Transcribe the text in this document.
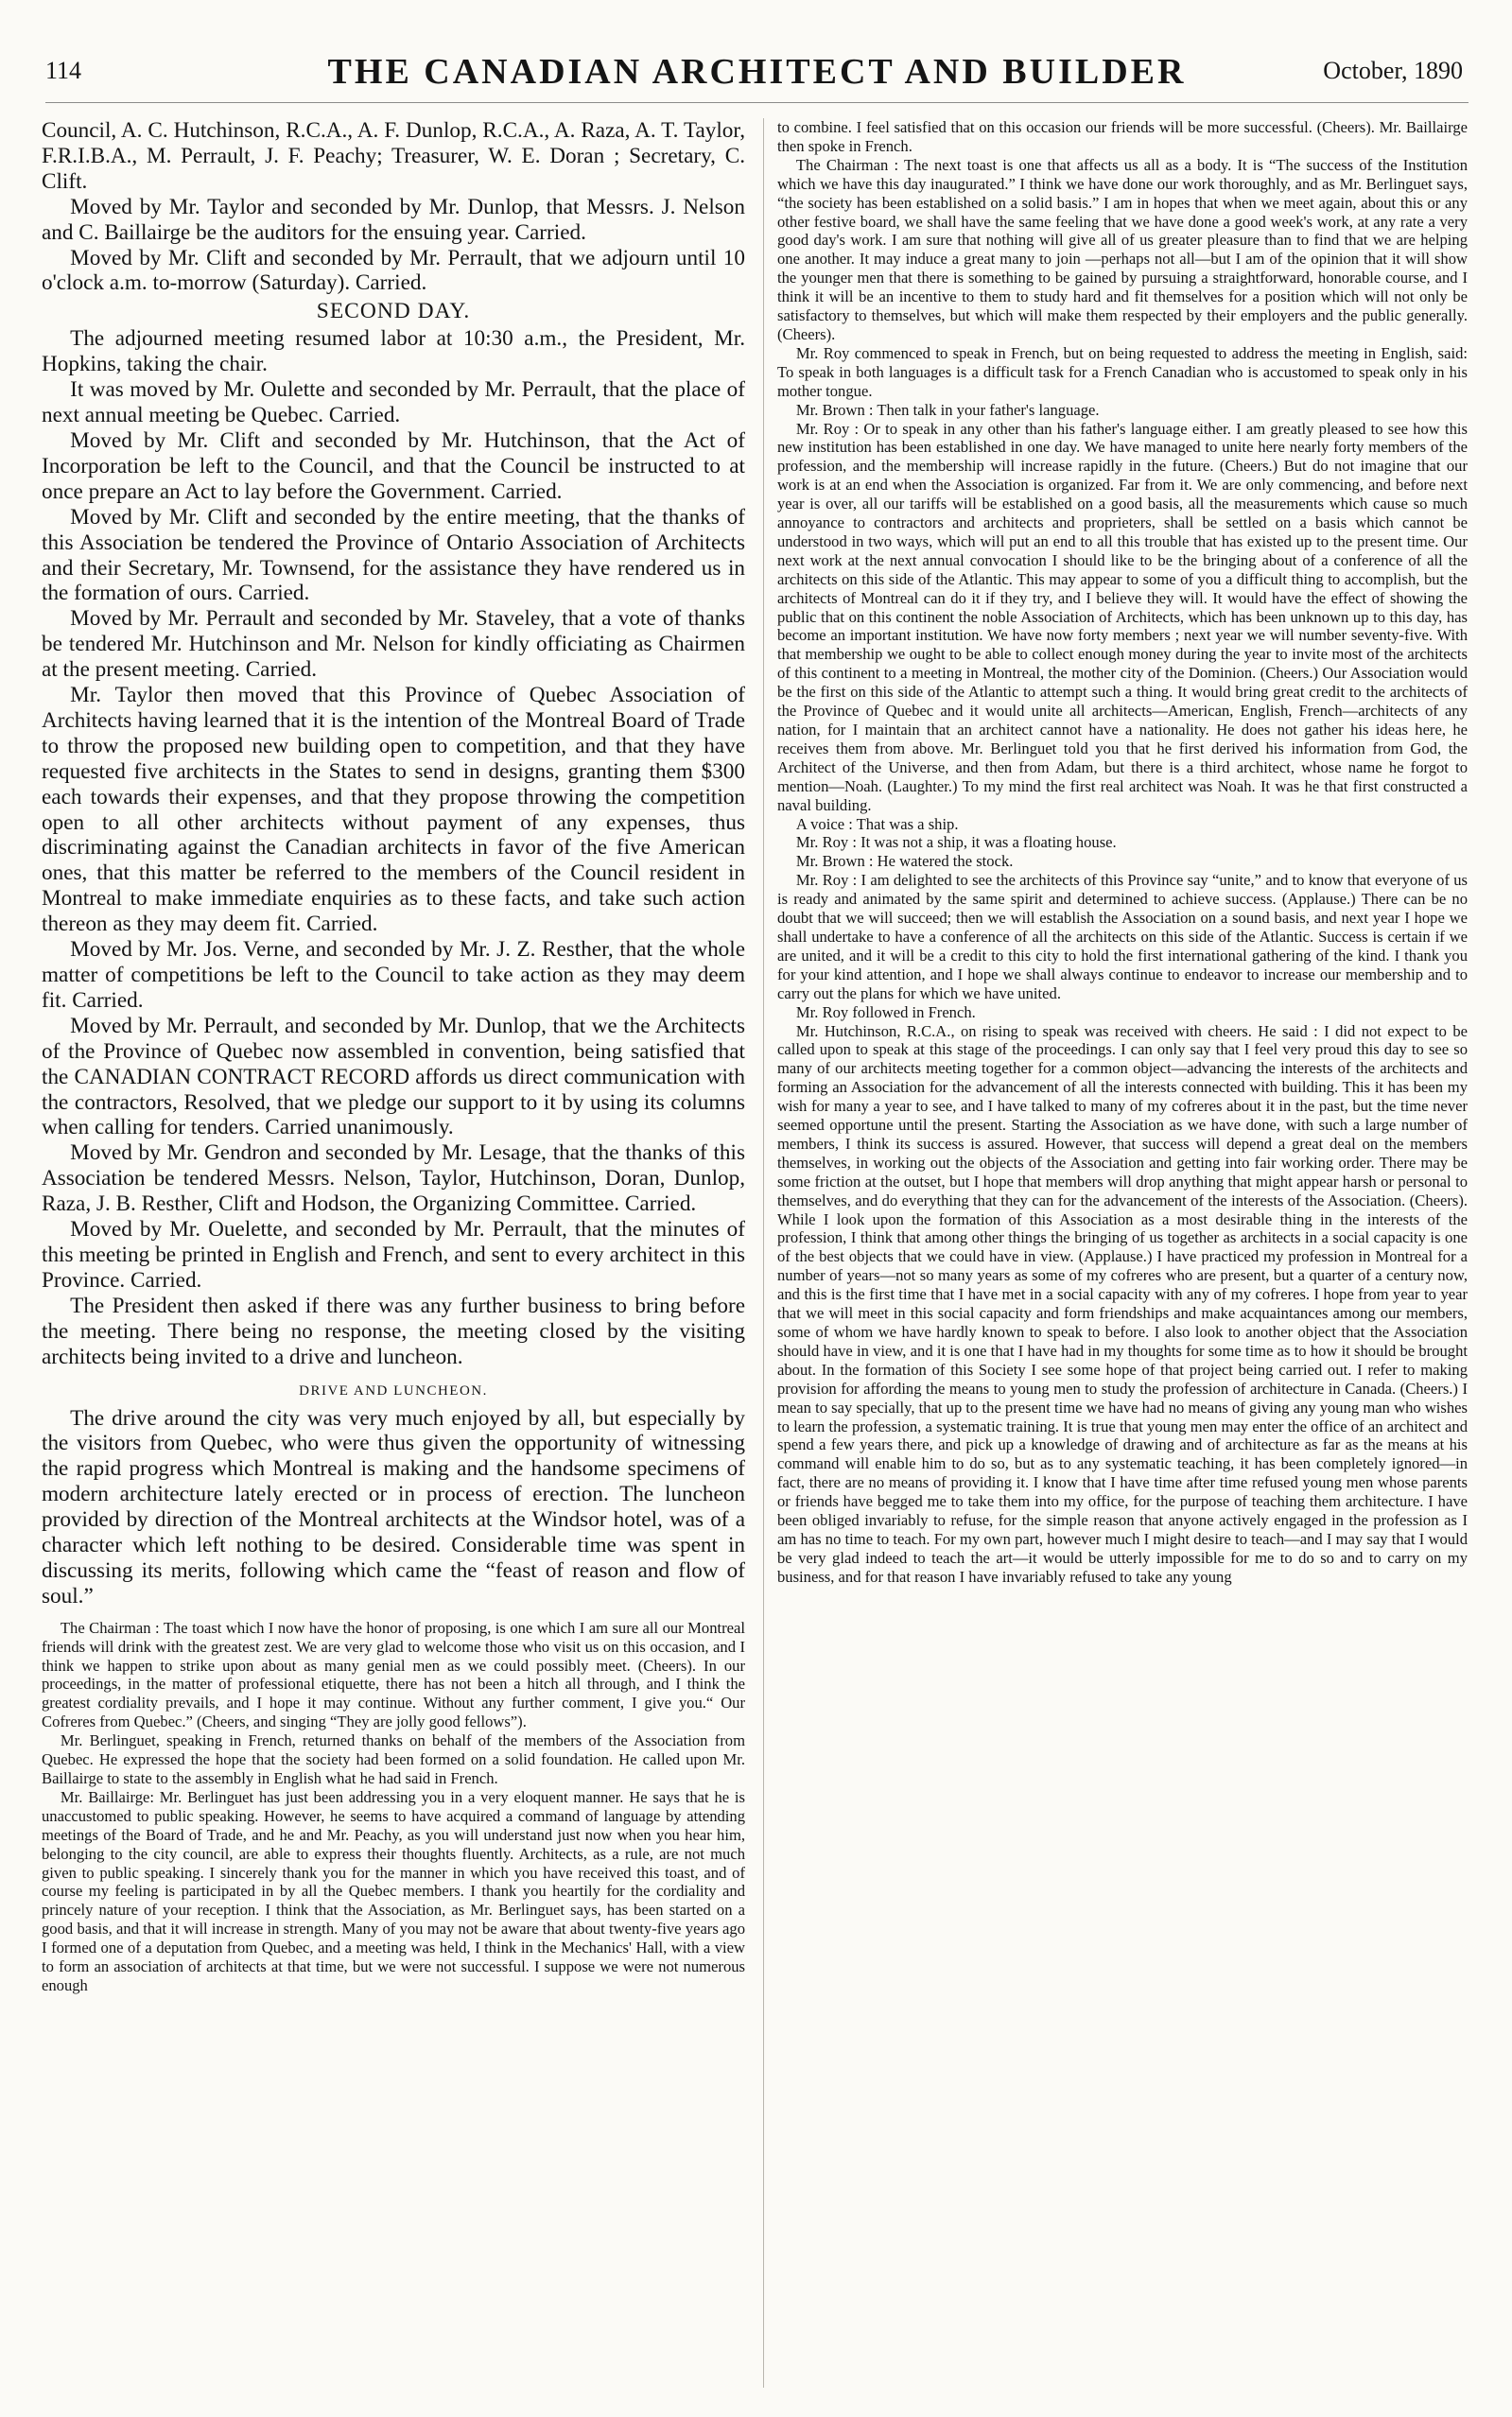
114	THE CANADIAN ARCHITECT AND BUILDER	October, 1890

Council, A. C. Hutchinson, R.C.A., A. F. Dunlop, R.C.A., A. Raza, A. T. Taylor, F.R.I.B.A., M. Perrault, J. F. Peachy; Treasurer, W. E. Doran ; Secretary, C. Clift.

Moved by Mr. Taylor and seconded by Mr. Dunlop, that Messrs. J. Nelson and C. Baillairge be the auditors for the ensuing year. Carried.

Moved by Mr. Clift and seconded by Mr. Perrault, that we adjourn until 10 o'clock a.m. to-morrow (Saturday). Carried.

SECOND DAY.

The adjourned meeting resumed labor at 10:30 a.m., the President, Mr. Hopkins, taking the chair.

It was moved by Mr. Oulette and seconded by Mr. Perrault, that the place of next annual meeting be Quebec. Carried.

Moved by Mr. Clift and seconded by Mr. Hutchinson, that the Act of Incorporation be left to the Council, and that the Council be instructed to at once prepare an Act to lay before the Government. Carried.

Moved by Mr. Clift and seconded by the entire meeting, that the thanks of this Association be tendered the Province of Ontario Association of Architects and their Secretary, Mr. Townsend, for the assistance they have rendered us in the formation of ours. Carried.

Moved by Mr. Perrault and seconded by Mr. Staveley, that a vote of thanks be tendered Mr. Hutchinson and Mr. Nelson for kindly officiating as Chairmen at the present meeting. Carried.

Mr. Taylor then moved that this Province of Quebec Association of Architects having learned that it is the intention of the Montreal Board of Trade to throw the proposed new building open to competition, and that they have requested five architects in the States to send in designs, granting them $300 each towards their expenses, and that they propose throwing the competition open to all other architects without payment of any expenses, thus discriminating against the Canadian architects in favor of the five American ones, that this matter be referred to the members of the Council resident in Montreal to make immediate enquiries as to these facts, and take such action thereon as they may deem fit. Carried.

Moved by Mr. Jos. Verne, and seconded by Mr. J. Z. Resther, that the whole matter of competitions be left to the Council to take action as they may deem fit. Carried.

Moved by Mr. Perrault, and seconded by Mr. Dunlop, that we the Architects of the Province of Quebec now assembled in convention, being satisfied that the CANADIAN CONTRACT RECORD affords us direct communication with the contractors, Resolved, that we pledge our support to it by using its columns when calling for tenders. Carried unanimously.

Moved by Mr. Gendron and seconded by Mr. Lesage, that the thanks of this Association be tendered Messrs. Nelson, Taylor, Hutchinson, Doran, Dunlop, Raza, J. B. Resther, Clift and Hodson, the Organizing Committee. Carried.

Moved by Mr. Ouelette, and seconded by Mr. Perrault, that the minutes of this meeting be printed in English and French, and sent to every architect in this Province. Carried.

The President then asked if there was any further business to bring before the meeting. There being no response, the meeting closed by the visiting architects being invited to a drive and luncheon.

DRIVE AND LUNCHEON.

The drive around the city was very much enjoyed by all, but especially by the visitors from Quebec, who were thus given the opportunity of witnessing the rapid progress which Montreal is making and the handsome specimens of modern architecture lately erected or in process of erection. The luncheon provided by direction of the Montreal architects at the Windsor hotel, was of a character which left nothing to be desired. Considerable time was spent in discussing its merits, following which came the “feast of reason and flow of soul.”

The Chairman : The toast which I now have the honor of proposing, is one which I am sure all our Montreal friends will drink with the greatest zest. We are very glad to welcome those who visit us on this occasion, and I think we happen to strike upon about as many genial men as we could possibly meet. (Cheers). In our proceedings, in the matter of professional etiquette, there has not been a hitch all through, and I think the greatest cordiality prevails, and I hope it may continue. Without any further comment, I give you.“ Our Cofreres from Quebec.” (Cheers, and singing “They are jolly good fellows”).

Mr. Berlinguet, speaking in French, returned thanks on behalf of the members of the Association from Quebec. He expressed the hope that the society had been formed on a solid foundation. He called upon Mr. Baillairge to state to the assembly in English what he had said in French.

Mr. Baillairge: Mr. Berlinguet has just been addressing you in a very eloquent manner. He says that he is unaccustomed to public speaking. However, he seems to have acquired a command of language by attending meetings of the Board of Trade, and he and Mr. Peachy, as you will understand just now when you hear him, belonging to the city council, are able to express their thoughts fluently. Architects, as a rule, are not much given to public speaking. I sincerely thank you for the manner in which you have received this toast, and of course my feeling is participated in by all the Quebec members. I thank you heartily for the cordiality and princely nature of your reception. I think that the Association, as Mr. Berlinguet says, has been started on a good basis, and that it will increase in strength. Many of you may not be aware that about twenty-five years ago I formed one of a deputation from Quebec, and a meeting was held, I think in the Mechanics' Hall, with a view to form an association of architects at that time, but we were not successful. I suppose we were not numerous enough

to combine. I feel satisfied that on this occasion our friends will be more successful. (Cheers). Mr. Baillairge then spoke in French.

The Chairman : The next toast is one that affects us all as a body. It is “The success of the Institution which we have this day inaugurated.” I think we have done our work thoroughly, and as Mr. Berlinguet says, “the society has been established on a solid basis.” I am in hopes that when we meet again, about this or any other festive board, we shall have the same feeling that we have done a good week's work, at any rate a very good day's work. I am sure that nothing will give all of us greater pleasure than to find that we are helping one another. It may induce a great many to join —perhaps not all—but I am of the opinion that it will show the younger men that there is something to be gained by pursuing a straightforward, honorable course, and I think it will be an incentive to them to study hard and fit themselves for a position which will not only be satisfactory to themselves, but which will make them respected by their employers and the public generally. (Cheers).

Mr. Roy commenced to speak in French, but on being requested to address the meeting in English, said: To speak in both languages is a difficult task for a French Canadian who is accustomed to speak only in his mother tongue.

Mr. Brown : Then talk in your father's language.

Mr. Roy : Or to speak in any other than his father's language either. I am greatly pleased to see how this new institution has been established in one day. We have managed to unite here nearly forty members of the profession, and the membership will increase rapidly in the future. (Cheers.) But do not imagine that our work is at an end when the Association is organized. Far from it. We are only commencing, and before next year is over, all our tariffs will be established on a good basis, all the measurements which cause so much annoyance to contractors and architects and proprieters, shall be settled on a basis which cannot be understood in two ways, which will put an end to all this trouble that has existed up to the present time. Our next work at the next annual convocation I should like to be the bringing about of a conference of all the architects on this side of the Atlantic. This may appear to some of you a difficult thing to accomplish, but the architects of Montreal can do it if they try, and I believe they will. It would have the effect of showing the public that on this continent the noble Association of Architects, which has been unknown up to this day, has become an important institution. We have now forty members ; next year we will number seventy-five. With that membership we ought to be able to collect enough money during the year to invite most of the architects of this continent to a meeting in Montreal, the mother city of the Dominion. (Cheers.) Our Association would be the first on this side of the Atlantic to attempt such a thing. It would bring great credit to the architects of the Province of Quebec and it would unite all architects—American, English, French—architects of any nation, for I maintain that an architect cannot have a nationality. He does not gather his ideas here, he receives them from above. Mr. Berlinguet told you that he first derived his information from God, the Architect of the Universe, and then from Adam, but there is a third architect, whose name he forgot to mention—Noah. (Laughter.) To my mind the first real architect was Noah. It was he that first constructed a naval building.

A voice : That was a ship.

Mr. Roy : It was not a ship, it was a floating house.

Mr. Brown : He watered the stock.

Mr. Roy : I am delighted to see the architects of this Province say “unite,” and to know that everyone of us is ready and animated by the same spirit and determined to achieve success. (Applause.) There can be no doubt that we will succeed; then we will establish the Association on a sound basis, and next year I hope we shall undertake to have a conference of all the architects on this side of the Atlantic. Success is certain if we are united, and it will be a credit to this city to hold the first international gathering of the kind. I thank you for your kind attention, and I hope we shall always continue to endeavor to increase our membership and to carry out the plans for which we have united.

Mr. Roy followed in French.

Mr. Hutchinson, R.C.A., on rising to speak was received with cheers. He said : I did not expect to be called upon to speak at this stage of the proceedings. I can only say that I feel very proud this day to see so many of our architects meeting together for a common object—advancing the interests of the architects and forming an Association for the advancement of all the interests connected with building. This it has been my wish for many a year to see, and I have talked to many of my cofreres about it in the past, but the time never seemed opportune until the present. Starting the Association as we have done, with such a large number of members, I think its success is assured. However, that success will depend a great deal on the members themselves, in working out the objects of the Association and getting into fair working order. There may be some friction at the outset, but I hope that members will drop anything that might appear harsh or personal to themselves, and do everything that they can for the advancement of the interests of the Association. (Cheers). While I look upon the formation of this Association as a most desirable thing in the interests of the profession, I think that among other things the bringing of us together as architects in a social capacity is one of the best objects that we could have in view. (Applause.) I have practiced my profession in Montreal for a number of years—not so many years as some of my cofreres who are present, but a quarter of a century now, and this is the first time that I have met in a social capacity with any of my cofreres. I hope from year to year that we will meet in this social capacity and form friendships and make acquaintances among our members, some of whom we have hardly known to speak to before. I also look to another object that the Association should have in view, and it is one that I have had in my thoughts for some time as to how it should be brought about. In the formation of this Society I see some hope of that project being carried out. I refer to making provision for affording the means to young men to study the profession of architecture in Canada. (Cheers.) I mean to say specially, that up to the present time we have had no means of giving any young man who wishes to learn the profession, a systematic training. It is true that young men may enter the office of an architect and spend a few years there, and pick up a knowledge of drawing and of architecture as far as the means at his command will enable him to do so, but as to any systematic teaching, it has been completely ignored—in fact, there are no means of providing it. I know that I have time after time refused young men whose parents or friends have begged me to take them into my office, for the purpose of teaching them architecture. I have been obliged invariably to refuse, for the simple reason that anyone actively engaged in the profession as I am has no time to teach. For my own part, however much I might desire to teach—and I may say that I would be very glad indeed to teach the art—it would be utterly impossible for me to do so and to carry on my business, and for that reason I have invariably refused to take any young
